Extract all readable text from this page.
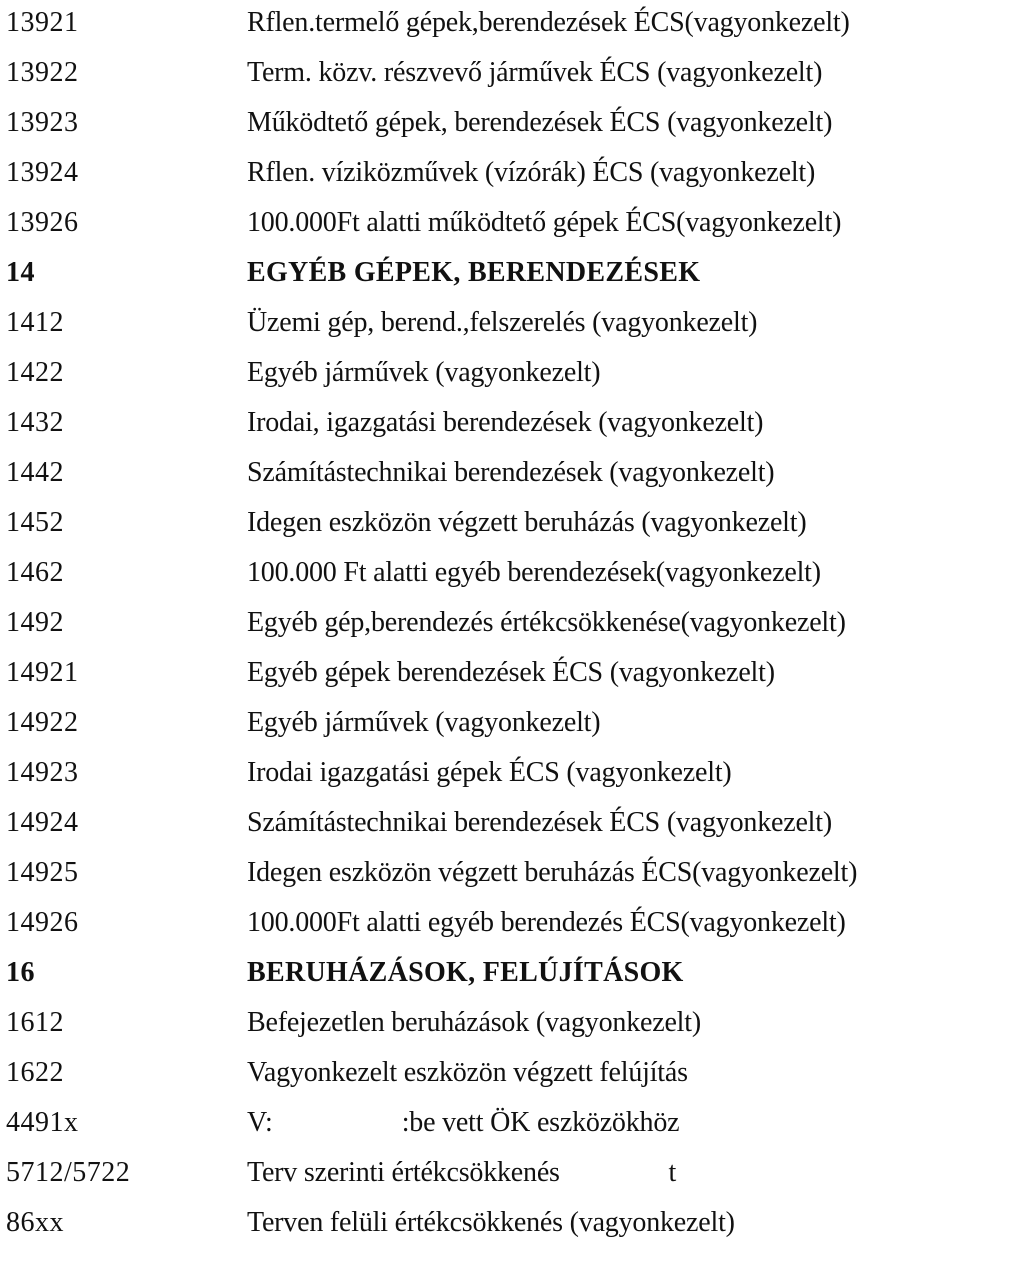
13921	Rflen.termelő gépek,berendezések ÉCS(vagyonkezelt)
13922	Term. közv. részvevő járművek ÉCS (vagyonkezelt)
13923	Működtető gépek, berendezések ÉCS (vagyonkezelt)
13924	Rflen. víziközművek (vízórák) ÉCS (vagyonkezelt)
13926	100.000Ft alatti működtető gépek ÉCS(vagyonkezelt)
14	EGYÉB GÉPEK, BERENDEZÉSEK
1412	Üzemi gép, berend.,felszerelés (vagyonkezelt)
1422	Egyéb járművek (vagyonkezelt)
1432	Irodai, igazgatási berendezések (vagyonkezelt)
1442	Számítástechnikai berendezések (vagyonkezelt)
1452	Idegen eszközön végzett beruházás (vagyonkezelt)
1462	100.000 Ft alatti egyéb berendezések(vagyonkezelt)
1492	Egyéb gép,berendezés értékcsökkenése(vagyonkezelt)
14921	Egyéb gépek berendezések ÉCS (vagyonkezelt)
14922	Egyéb járművek (vagyonkezelt)
14923	Irodai igazgatási gépek ÉCS (vagyonkezelt)
14924	Számítástechnikai berendezések ÉCS (vagyonkezelt)
14925	Idegen eszközön végzett beruházás ÉCS(vagyonkezelt)
14926	100.000Ft alatti egyéb berendezés ÉCS(vagyonkezelt)
16	BERUHÁZÁSOK, FELÚJÍTÁSOK
1612	Befejezetlen beruházások (vagyonkezelt)
1622	Vagyonkezelt eszközön végzett felújítás
4491x	V:                   :be vett ÖK eszközökhöz
5712/5722	Terv szerinti értékcsökkenés                t
86xx	Terven felüli értékcsökkenés (vagyonkezelt)
